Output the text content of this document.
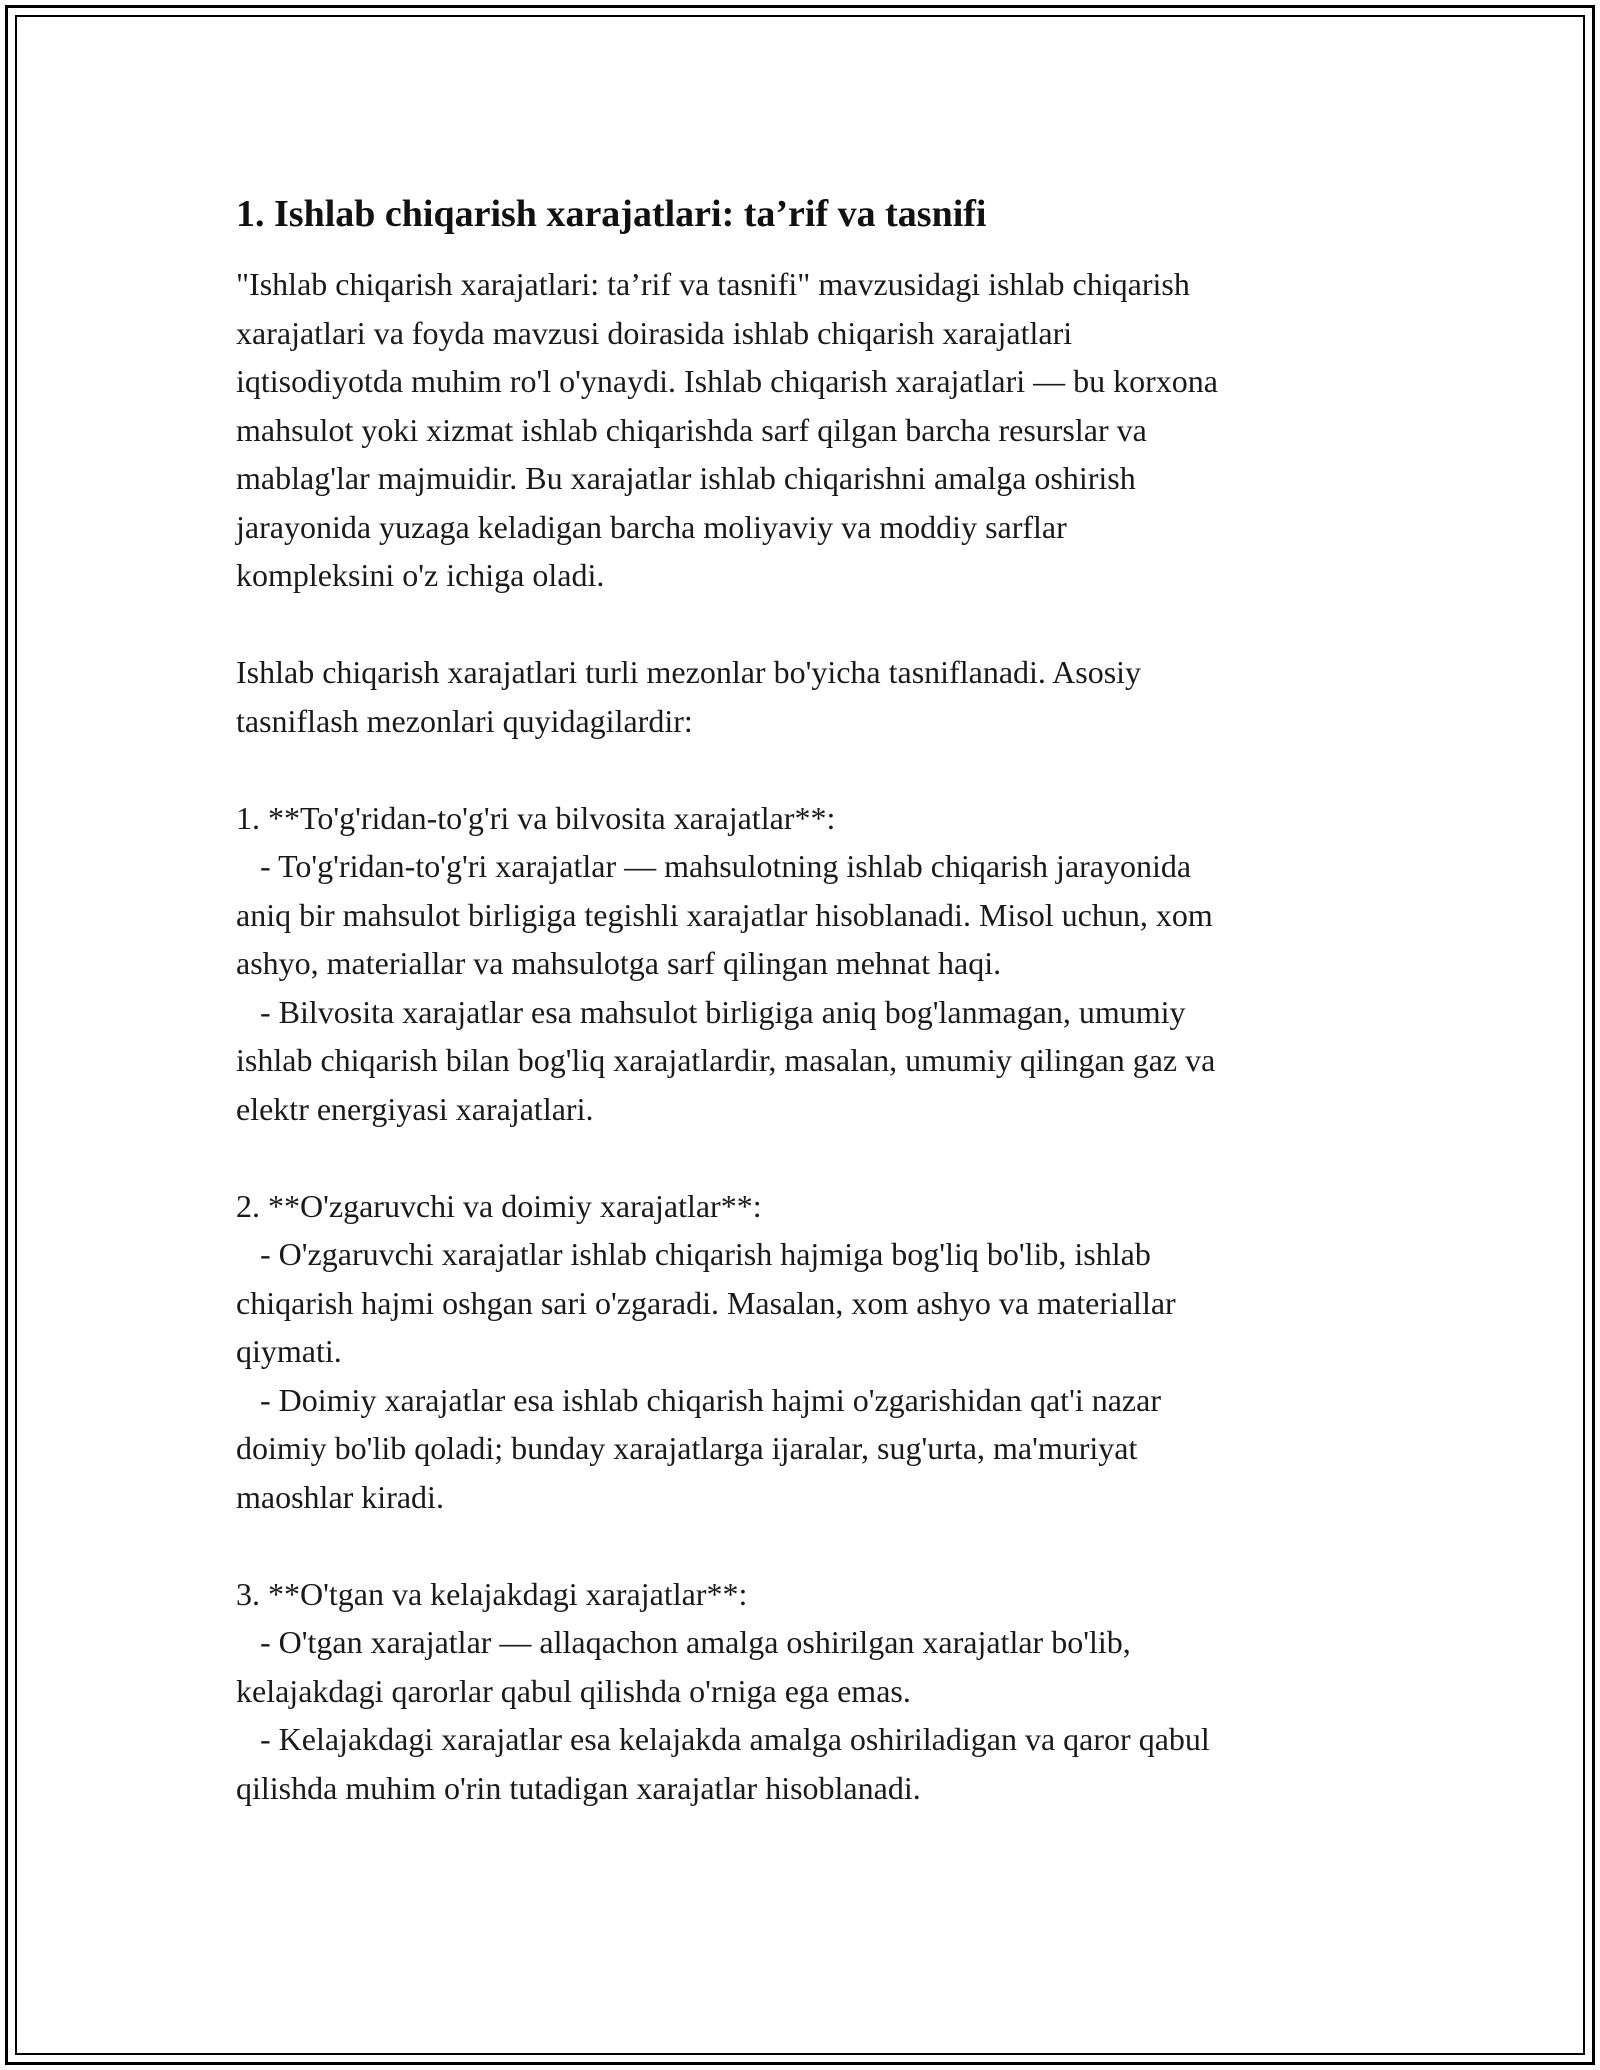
1. Ishlab chiqarish xarajatlari: ta’rif va tasnifi

"Ishlab chiqarish xarajatlari: ta’rif va tasnifi" mavzusidagi ishlab chiqarish
xarajatlari va foyda mavzusi doirasida ishlab chiqarish xarajatlari
iqtisodiyotda muhim ro'l o'ynaydi. Ishlab chiqarish xarajatlari — bu korxona
mahsulot yoki xizmat ishlab chiqarishda sarf qilgan barcha resurslar va
mablag'lar majmuidir. Bu xarajatlar ishlab chiqarishni amalga oshirish
jarayonida yuzaga keladigan barcha moliyaviy va moddiy sarflar
kompleksini o'z ichiga oladi.

Ishlab chiqarish xarajatlari turli mezonlar bo'yicha tasniflanadi. Asosiy
tasniflash mezonlari quyidagilardir:

1. **To'g'ridan-to'g'ri va bilvosita xarajatlar**:

- To'g'ridan-to'g'ri xarajatlar — mahsulotning ishlab chiqarish jarayonida
aniq bir mahsulot birligiga tegishli xarajatlar hisoblanadi. Misol uchun, xom
ashyo, materiallar va mahsulotga sarf qilingan mehnat haqi.

- Bilvosita xarajatlar esa mahsulot birligiga aniq bog'lanmagan, umumiy
ishlab chiqarish bilan bog'liq xarajatlardir, masalan, umumiy qilingan gaz va
elektr energiyasi xarajatlari.

2. **O'zgaruvchi va doimiy xarajatlar**:

- O'zgaruvchi xarajatlar ishlab chiqarish hajmiga bog'liq bo'lib, ishlab
chiqarish hajmi oshgan sari o'zgaradi. Masalan, xom ashyo va materiallar
qiymati.

- Doimiy xarajatlar esa ishlab chiqarish hajmi o'zgarishidan qat'i nazar
doimiy bo'lib qoladi; bunday xarajatlarga ijaralar, sug'urta, ma'muriyat
maoshlar kiradi.

3. **O'tgan va kelajakdagi xarajatlar**:

- O'tgan xarajatlar — allaqachon amalga oshirilgan xarajatlar bo'lib,
kelajakdagi qarorlar qabul qilishda o'rniga ega emas.

- Kelajakdagi xarajatlar esa kelajakda amalga oshiriladigan va qaror qabul
qilishda muhim o'rin tutadigan xarajatlar hisoblanadi.
